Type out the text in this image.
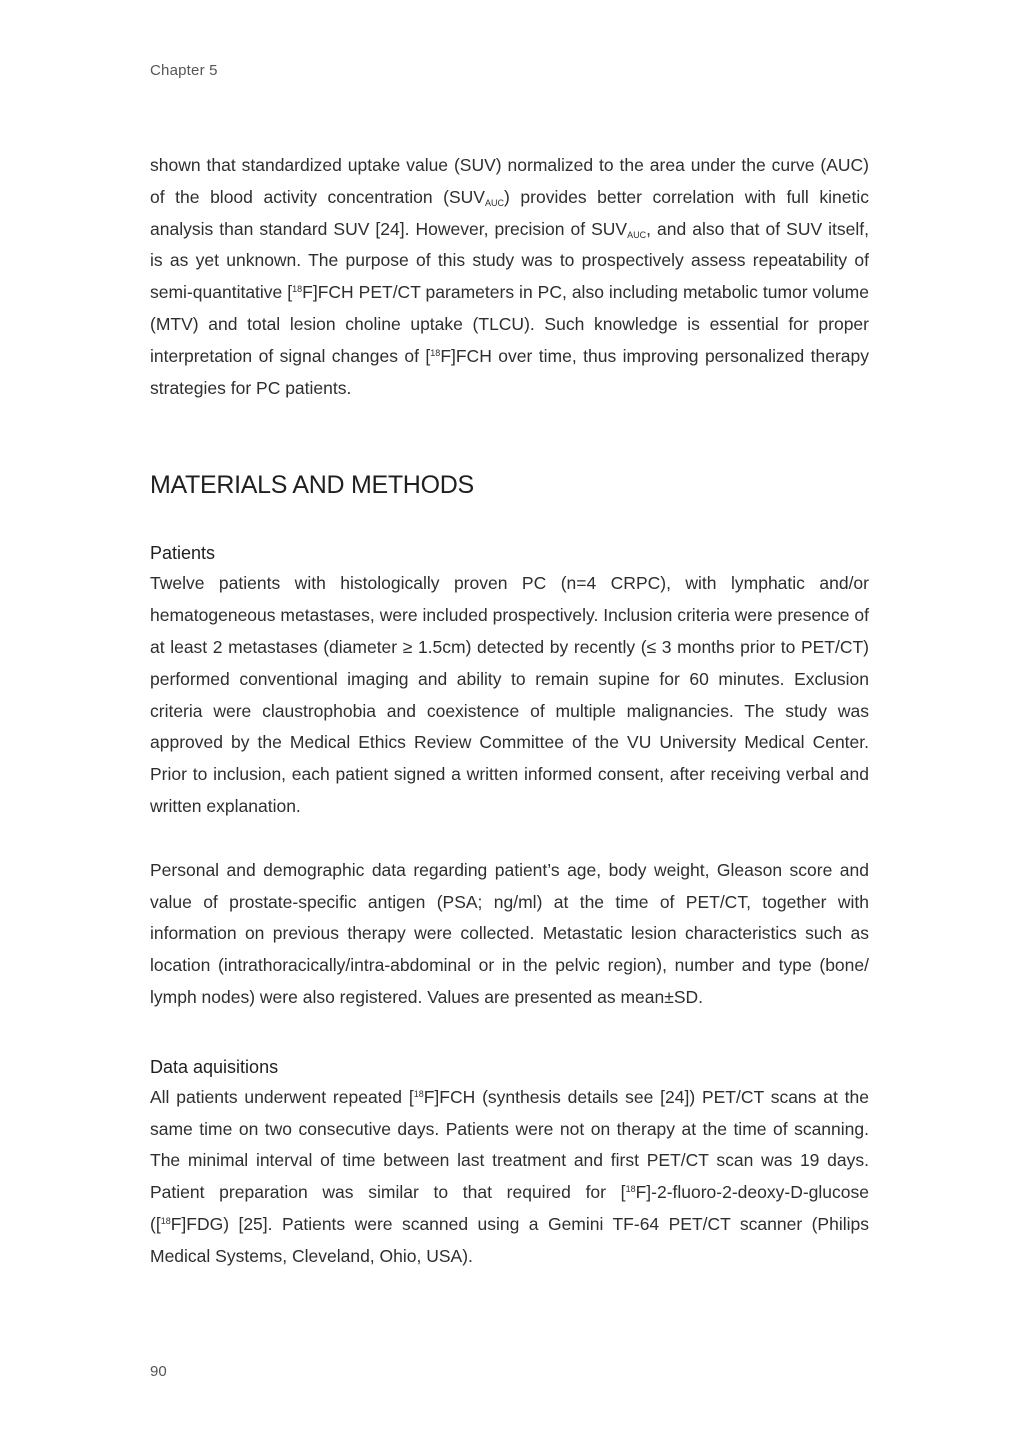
Chapter 5

shown that standardized uptake value (SUV) normalized to the area under the curve (AUC) of the blood activity concentration $(SUV_{AUC})$ provides better correlation with full kinetic analysis than standard SUV [24]. However, precision of $SUV_{AUC}$, and also that of SUV itself, is as yet unknown. The purpose of this study was to prospectively assess repeatability of semi-quantitative [$^{18}$F]FCH PET/CT parameters in PC, also including metabolic tumor volume (MTV) and total lesion choline uptake (TLCU). Such knowledge is essential for proper interpretation of signal changes of [$^{18}$F]FCH over time, thus improving personalized therapy strategies for PC patients.

MATERIALS AND METHODS
Patients

Twelve patients with histologically proven PC (n=4 CRPC), with lymphatic and/or hematogeneous metastases, were included prospectively. Inclusion criteria were presence of at least 2 metastases (diameter ≥ 1.5cm) detected by recently (≤ 3 months prior to PET/CT) performed conventional imaging and ability to remain supine for 60 minutes. Exclusion criteria were claustrophobia and coexistence of multiple malignancies. The study was approved by the Medical Ethics Review Committee of the VU University Medical Center. Prior to inclusion, each patient signed a written informed consent, after receiving verbal and written explanation.

Personal and demographic data regarding patient’s age, body weight, Gleason score and value of prostate-specific antigen (PSA; ng/ml) at the time of PET/CT, together with information on previous therapy were collected. Metastatic lesion characteristics such as location (intrathoracically/intra-abdominal or in the pelvic region), number and type (bone/ lymph nodes) were also registered. Values are presented as mean±SD.

Data aquisitions

All patients underwent repeated [$^{18}$F]FCH (synthesis details see [24]) PET/CT scans at the same time on two consecutive days. Patients were not on therapy at the time of scanning. The minimal interval of time between last treatment and first PET/CT scan was 19 days. Patient preparation was similar to that required for [$^{18}$F]-2-fluoro-2-deoxy-D-glucose ([$^{18}$F]FDG) [25]. Patients were scanned using a Gemini TF-64 PET/CT scanner (Philips Medical Systems, Cleveland, Ohio, USA).

90
